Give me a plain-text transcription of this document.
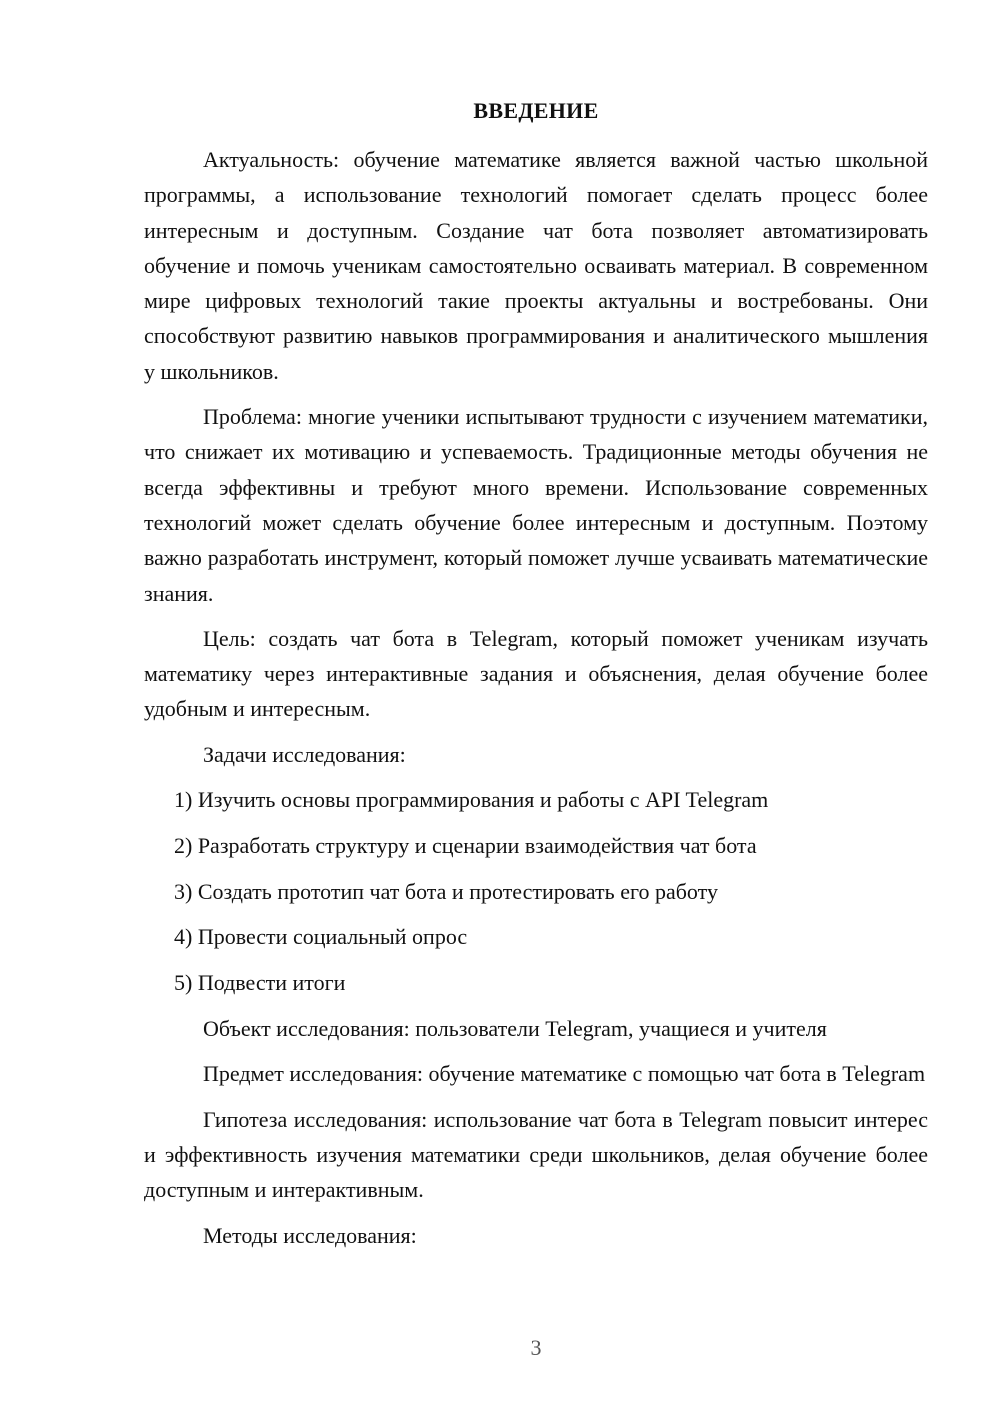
ВВЕДЕНИЕ

Актуальность: обучение математике является важной частью школьной программы, а использование технологий помогает сделать процесс более интересным и доступным. Создание чат бота позволяет автоматизировать обучение и помочь ученикам самостоятельно осваивать материал. В современном мире цифровых технологий такие проекты актуальны и востребованы. Они способствуют развитию навыков программирования и аналитического мышления у школьников.

Проблема: многие ученики испытывают трудности с изучением математики, что снижает их мотивацию и успеваемость. Традиционные методы обучения не всегда эффективны и требуют много времени. Использование современных технологий может сделать обучение более интересным и доступным. Поэтому важно разработать инструмент, который поможет лучше усваивать математические знания.

Цель: создать чат бота в Telegram, который поможет ученикам изучать математику через интерактивные задания и объяснения, делая обучение более удобным и интересным.

Задачи исследования:

1) Изучить основы программирования и работы с API Telegram
2) Разработать структуру и сценарии взаимодействия чат бота
3) Создать прототип чат бота и протестировать его работу
4) Провести социальный опрос
5) Подвести итоги

Объект исследования: пользователи Telegram, учащиеся и учителя

Предмет исследования: обучение математике с помощью чат бота в Telegram

Гипотеза исследования: использование чат бота в Telegram повысит интерес и эффективность изучения математики среди школьников, делая обучение более доступным и интерактивным.

Методы исследования:

3
